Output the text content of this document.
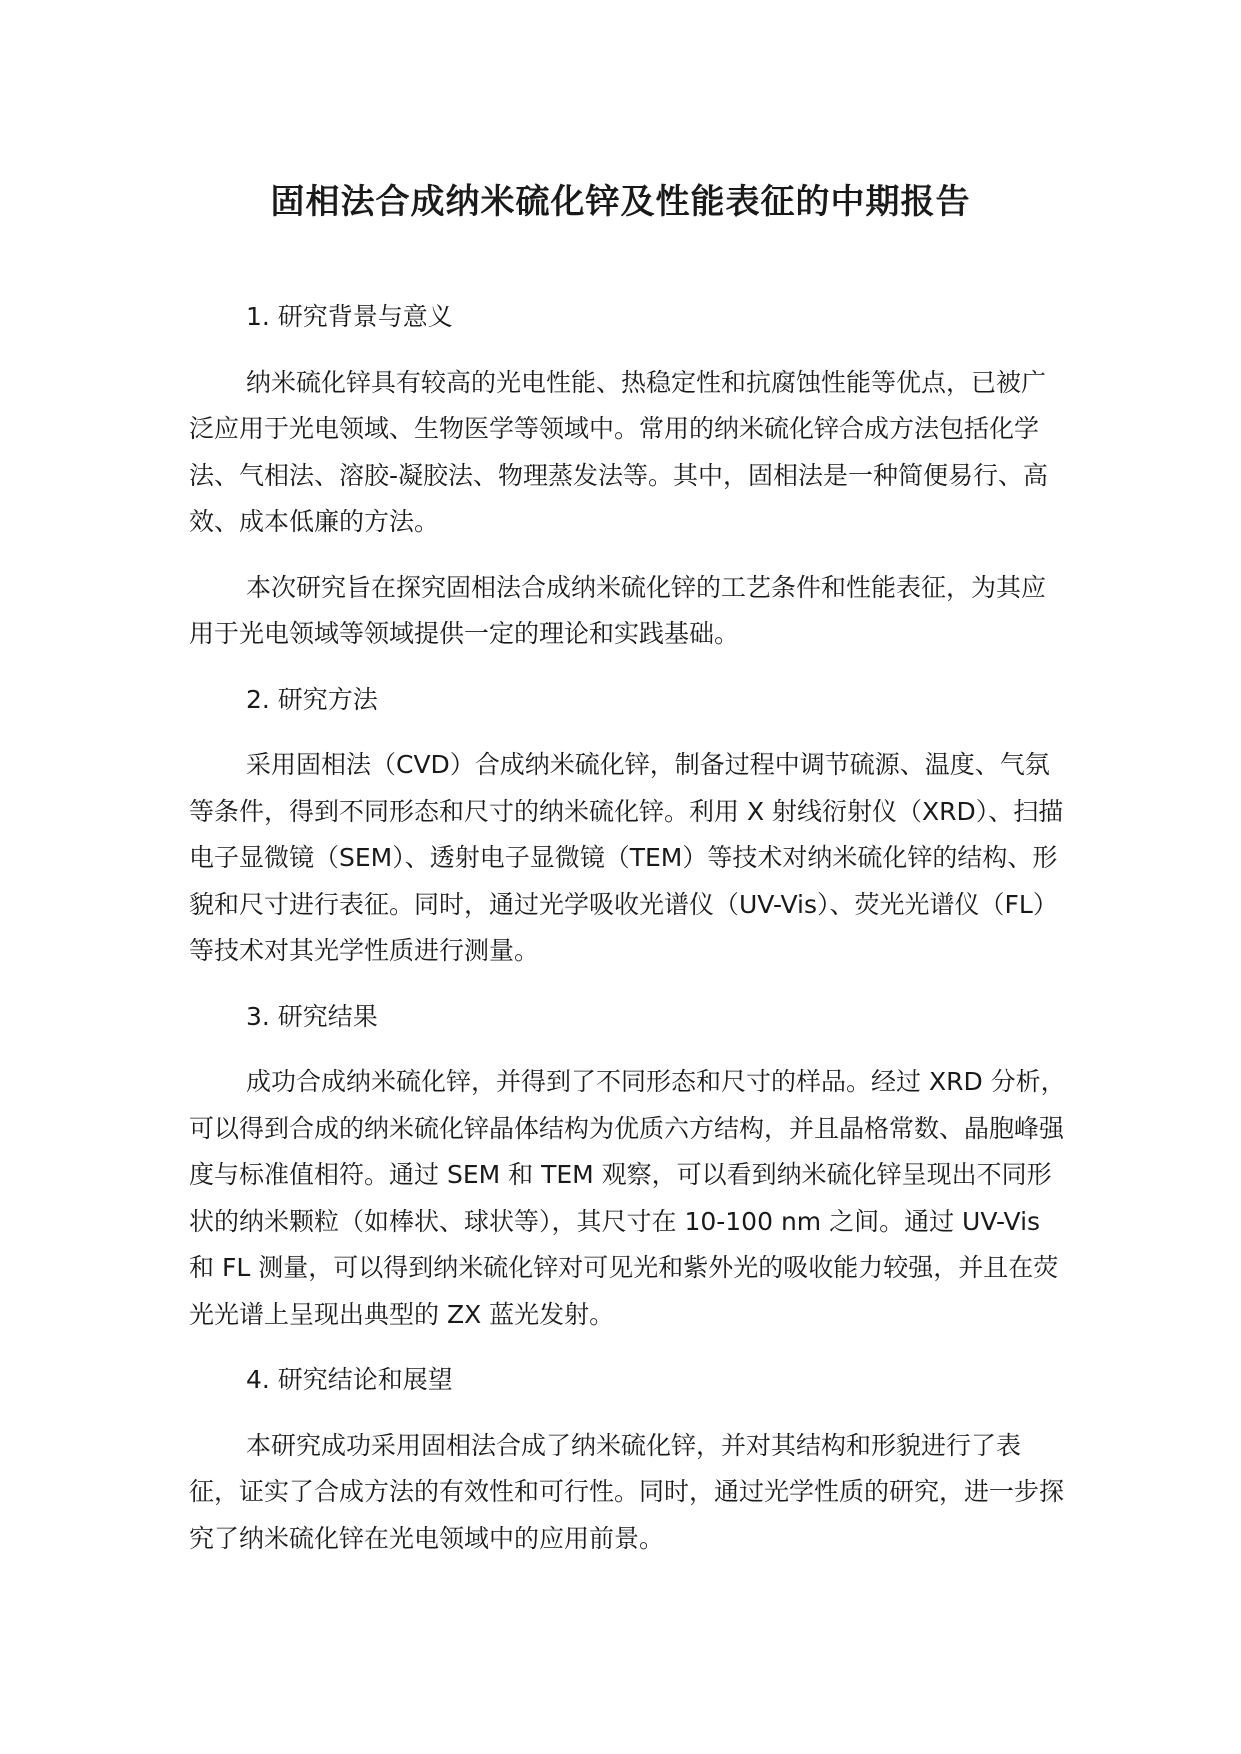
固相法合成纳米硫化锌及性能表征的中期报告
1. 研究背景与意义

纳米硫化锌具有较高的光电性能、热稳定性和抗腐蚀性能等优点，已被广泛应用于光电领域、生物医学等领域中。常用的纳米硫化锌合成方法包括化学法、气相法、溶胶-凝胶法、物理蒸发法等。其中，固相法是一种简便易行、高效、成本低廉的方法。

本次研究旨在探究固相法合成纳米硫化锌的工艺条件和性能表征，为其应用于光电领域等领域提供一定的理论和实践基础。

2. 研究方法

采用固相法（CVD）合成纳米硫化锌，制备过程中调节硫源、温度、气氛等条件，得到不同形态和尺寸的纳米硫化锌。利用 X 射线衍射仪（XRD）、扫描电子显微镜（SEM）、透射电子显微镜（TEM）等技术对纳米硫化锌的结构、形貌和尺寸进行表征。同时，通过光学吸收光谱仪（UV-Vis）、荧光光谱仪（FL）等技术对其光学性质进行测量。

3. 研究结果

成功合成纳米硫化锌，并得到了不同形态和尺寸的样品。经过 XRD 分析，可以得到合成的纳米硫化锌晶体结构为优质六方结构，并且晶格常数、晶胞峰强度与标准值相符。通过 SEM 和 TEM 观察，可以看到纳米硫化锌呈现出不同形状的纳米颗粒（如棒状、球状等），其尺寸在 10-100 nm 之间。通过 UV-Vis 和 FL 测量，可以得到纳米硫化锌对可见光和紫外光的吸收能力较强，并且在荧光光谱上呈现出典型的 ZX 蓝光发射。

4. 研究结论和展望

本研究成功采用固相法合成了纳米硫化锌，并对其结构和形貌进行了表征，证实了合成方法的有效性和可行性。同时，通过光学性质的研究，进一步探究了纳米硫化锌在光电领域中的应用前景。
